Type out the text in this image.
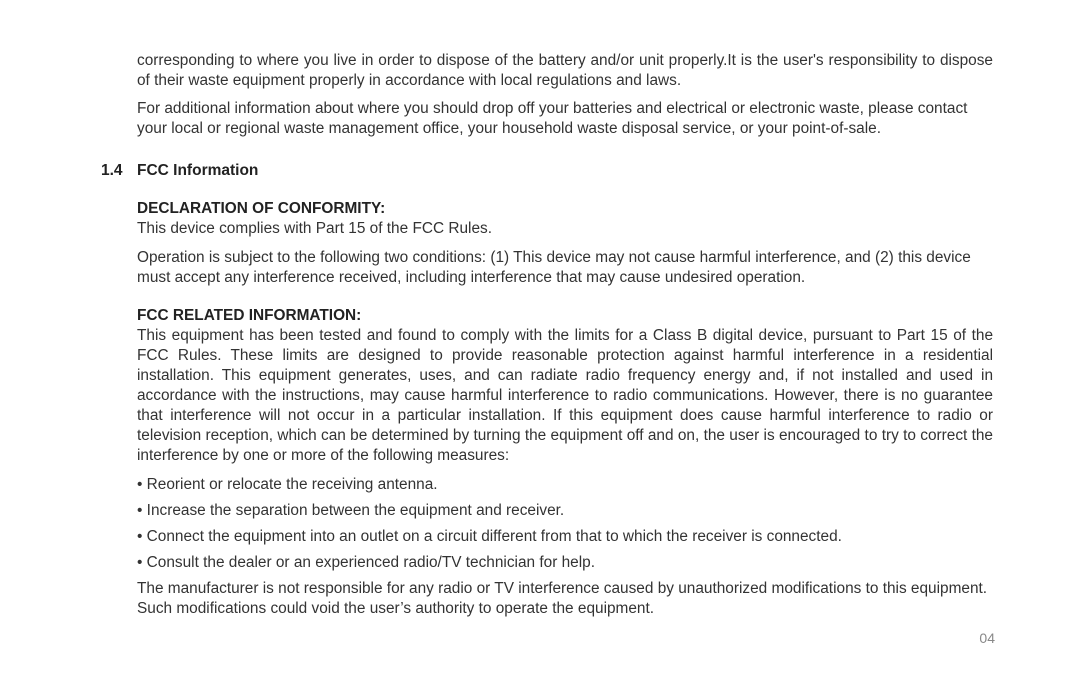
corresponding to where you live in order to dispose of the battery and/or unit properly.It is the user's responsibility to dispose of their waste equipment properly in accordance with local regulations and laws.

For additional information about where you should drop off your batteries and electrical or electronic waste, please contact your local or regional waste management office, your household waste disposal service, or your point-of-sale.

1.4 FCC Information
DECLARATION OF CONFORMITY:
This device complies with Part 15 of the FCC Rules.

Operation is subject to the following two conditions: (1) This device may not cause harmful interference, and (2) this device must accept any interference received, including interference that may cause undesired operation.

FCC RELATED INFORMATION:

This equipment has been tested and found to comply with the limits for a Class B digital device, pursuant to Part 15 of the FCC Rules. These limits are designed to provide reasonable protection against harmful interference in a residential installation. This equipment generates, uses, and can radiate radio frequency energy and, if not installed and used in accordance with the instructions, may cause harmful interference to radio communications. However, there is no guarantee that interference will not occur in a particular installation. If this equipment does cause harmful interference to radio or television reception, which can be determined by turning the equipment off and on, the user is encouraged to try to correct the interference by one or more of the following measures:

• Reorient or relocate the receiving antenna.
• Increase the separation between the equipment and receiver.
• Connect the equipment into an outlet on a circuit different from that to which the receiver is connected.
• Consult the dealer or an experienced radio/TV technician for help.

The manufacturer is not responsible for any radio or TV interference caused by unauthorized modifications to this equipment. Such modifications could void the user’s authority to operate the equipment.

04
